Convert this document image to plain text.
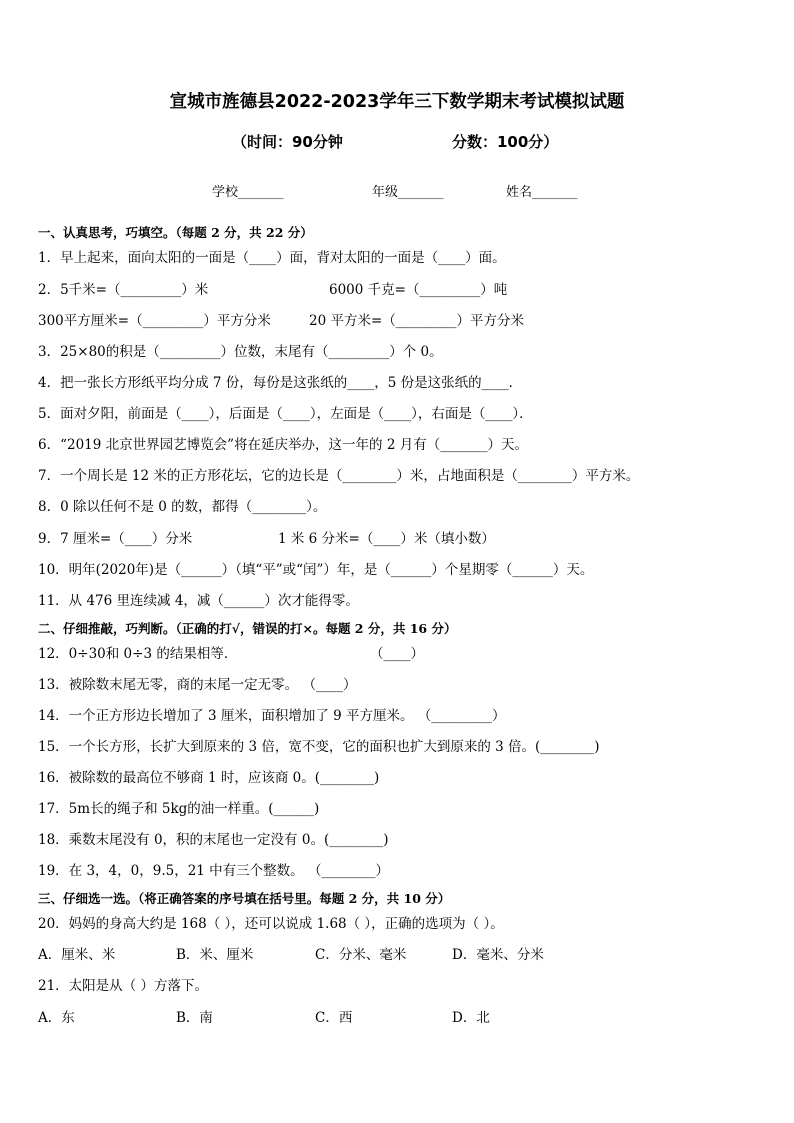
宣城市旌德县2022-2023学年三下数学期末考试模拟试题
（时间：90分钟	分数：100分）
学校_______	年级_______	姓名_______
一、认真思考，巧填空。（每题 2 分，共 22 分）
1．早上起来，面向太阳的一面是（____）面，背对太阳的一面是（____）面。
2．5千米=（_________）米	6000 千克=（_________）吨
300平方厘米=（_________）平方分米	20 平方米=（_________）平方分米
3．25×80的积是（_________）位数，末尾有（_________）个 0。
4．把一张长方形纸平均分成 7 份，每份是这张纸的____，5 份是这张纸的____．
5．面对夕阳，前面是（____），后面是（____），左面是（____），右面是（____）．
6．“2019 北京世界园艺博览会”将在延庆举办，这一年的 2 月有（_______）天。
7．一个周长是 12 米的正方形花坛，它的边长是（________）米，占地面积是（________）平方米。
8．0 除以任何不是 0 的数，都得（________）。
9．7 厘米=（____）分米	1 米 6 分米=（____）米（填小数）
10．明年(2020年)是（______）（填“平”或“闰”）年，是（______）个星期零（______）天。
11．从 476 里连续减 4，减（______）次才能得零。
二、仔细推敲，巧判断。（正确的打√，错误的打×。每题 2 分，共 16 分）
12．0÷30和 0÷3 的结果相等．	（____）
13．被除数末尾无零，商的末尾一定无零。 （____）
14．一个正方形边长增加了 3 厘米，面积增加了 9 平方厘米。 （_________）
15．一个长方形，长扩大到原来的 3 倍，宽不变，它的面积也扩大到原来的 3 倍。(________)
16．被除数的最高位不够商 1 时，应该商 0。(________)
17．5m长的绳子和 5kg的油一样重。(______)
18．乘数末尾没有 0，积的末尾也一定没有 0。(________)
19．在 3，4，0，9.5，21 中有三个整数。 （________）
三、仔细选一选。（将正确答案的序号填在括号里。每题 2 分，共 10 分）
20．妈妈的身高大约是 168（ ），还可以说成 1.68（ ），正确的选项为（ ）。
A．厘米、米	B．米、厘米	C．分米、毫米	D．毫米、分米
21．太阳是从（ ）方落下。
A．东	B．南	C．西	D．北
